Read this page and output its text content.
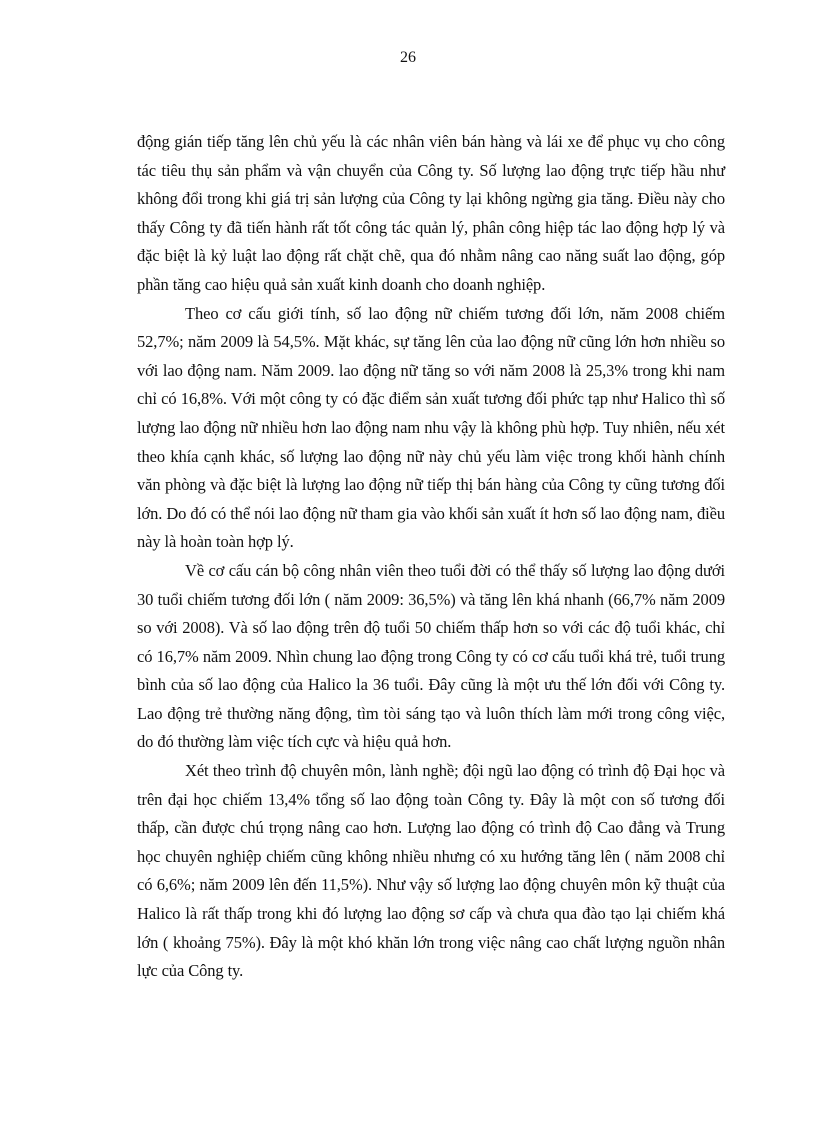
26

động gián tiếp tăng lên chủ yếu là các nhân viên bán hàng và lái xe để phục vụ cho công tác tiêu thụ sản phẩm và vận chuyển của Công ty. Số lượng lao động trực tiếp hầu như không đổi trong khi giá trị sản lượng của Công ty lại không ngừng gia tăng. Điều này cho thấy Công ty đã tiến hành rất tốt công tác quản lý, phân công hiệp tác lao động hợp lý và đặc biệt là kỷ luật lao động rất chặt chẽ, qua đó nhằm nâng cao năng suất lao động, góp phần tăng cao hiệu quả sản xuất kinh doanh cho doanh nghiệp.

Theo cơ cấu giới tính, số lao động nữ chiếm tương đối lớn, năm 2008 chiếm 52,7%; năm 2009 là 54,5%. Mặt khác, sự tăng lên của lao động nữ cũng lớn hơn nhiều so với lao động nam. Năm 2009. lao động nữ tăng so với năm 2008 là 25,3% trong khi nam chỉ có 16,8%. Với một công ty có đặc điểm sản xuất tương đối phức tạp như Halico thì số lượng lao động nữ nhiều hơn lao động nam nhu vậy là không phù hợp. Tuy nhiên, nếu xét theo khía cạnh khác, số lượng lao động nữ này chủ yếu làm việc trong khối hành chính văn phòng và đặc biệt là lượng lao động nữ tiếp thị bán hàng của Công ty cũng tương đối lớn. Do đó có thể nói lao động nữ tham gia vào khối sản xuất ít hơn số lao động nam, điều này là hoàn toàn hợp lý.

Về cơ cấu cán bộ công nhân viên theo tuổi đời có thể thấy số lượng lao động dưới 30 tuổi chiếm tương đối lớn ( năm 2009: 36,5%) và tăng lên khá nhanh (66,7% năm 2009 so với 2008). Và số lao động trên độ tuổi 50 chiếm thấp hơn so với các độ tuổi khác, chỉ có 16,7% năm 2009. Nhìn chung lao động trong Công ty có cơ cấu tuổi khá trẻ, tuổi trung bình của số lao động của Halico la 36 tuổi. Đây cũng là một ưu thế lớn đối với Công ty. Lao động trẻ thường năng động, tìm tòi sáng tạo và luôn thích làm mới trong công việc, do đó thường làm việc tích cực và hiệu quả hơn.

Xét theo trình độ chuyên môn, lành nghề; đội ngũ lao động có trình độ Đại học và trên đại học chiếm 13,4% tổng số lao động toàn Công ty. Đây là một con số tương đối thấp, cần được chú trọng nâng cao hơn. Lượng lao động có trình độ Cao đẳng và Trung học chuyên nghiệp chiếm cũng không nhiều nhưng có xu hướng tăng lên ( năm 2008 chỉ có 6,6%; năm 2009 lên đến 11,5%). Như vậy số lượng lao động chuyên môn kỹ thuật của Halico là rất thấp trong khi đó lượng lao động sơ cấp và chưa qua đào tạo lại chiếm khá lớn ( khoảng 75%). Đây là một khó khăn lớn trong việc nâng cao chất lượng nguồn nhân lực của Công ty.
